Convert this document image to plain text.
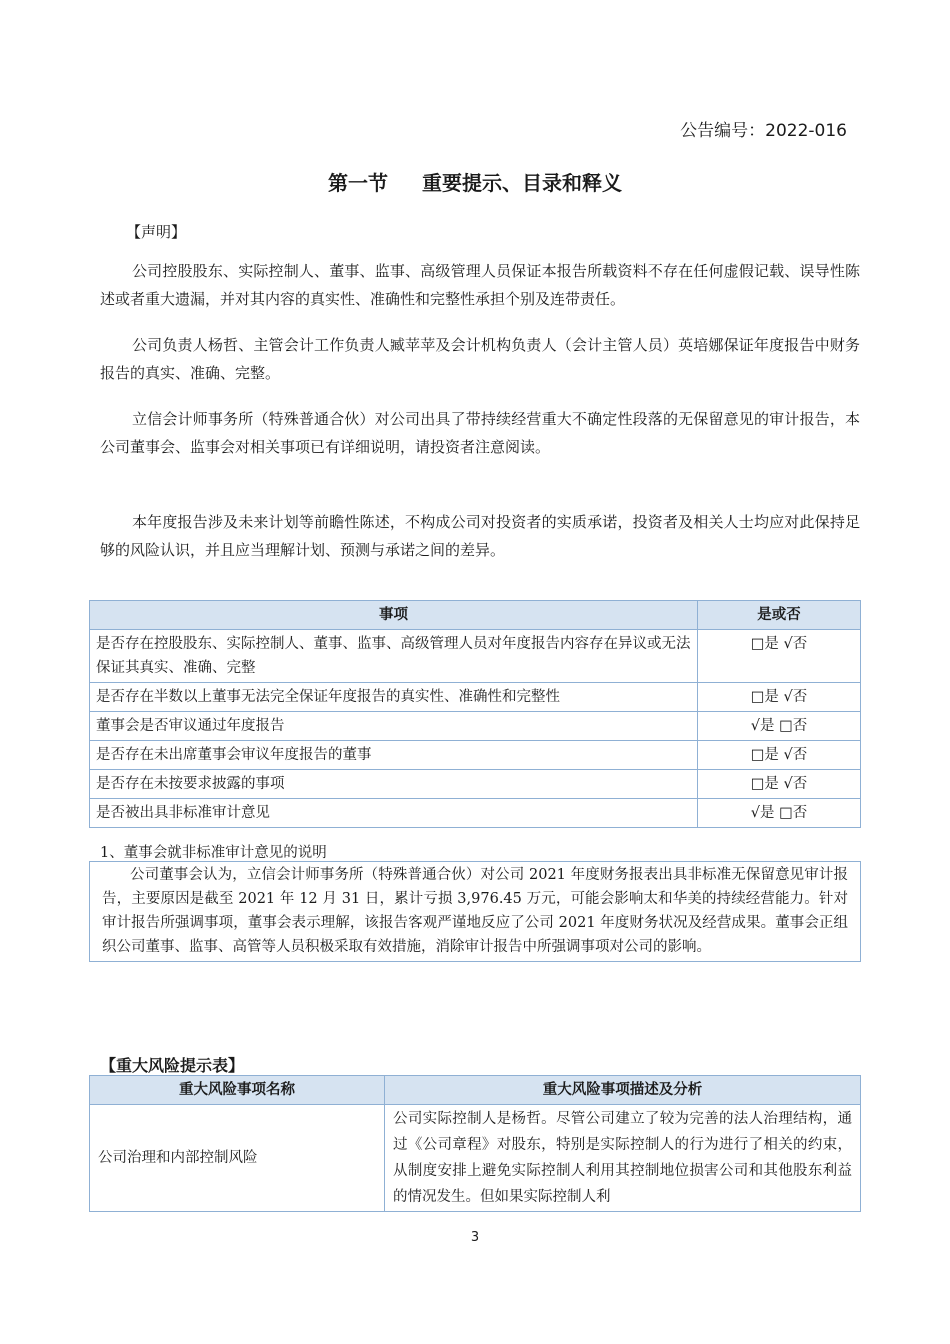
公告编号：2022-016
第一节 重要提示、目录和释义
【声明】
公司控股股东、实际控制人、董事、监事、高级管理人员保证本报告所载资料不存在任何虚假记载、误导性陈述或者重大遗漏，并对其内容的真实性、准确性和完整性承担个别及连带责任。
公司负责人杨哲、主管会计工作负责人臧苹苹及会计机构负责人（会计主管人员）英培娜保证年度报告中财务报告的真实、准确、完整。
立信会计师事务所（特殊普通合伙）对公司出具了带持续经营重大不确定性段落的无保留意见的审计报告，本公司董事会、监事会对相关事项已有详细说明，请投资者注意阅读。
本年度报告涉及未来计划等前瞻性陈述，不构成公司对投资者的实质承诺，投资者及相关人士均应对此保持足够的风险认识，并且应当理解计划、预测与承诺之间的差异。
事项	是或否
是否存在控股股东、实际控制人、董事、监事、高级管理人员对年度报告内容存在异议或无法保证其真实、准确、完整	□是 √否
是否存在半数以上董事无法完全保证年度报告的真实性、准确性和完整性	□是 √否
董事会是否审议通过年度报告	√是 □否
是否存在未出席董事会审议年度报告的董事	□是 √否
是否存在未按要求披露的事项	□是 √否
是否被出具非标准审计意见	√是 □否
1、董事会就非标准审计意见的说明
公司董事会认为，立信会计师事务所（特殊普通合伙）对公司 2021 年度财务报表出具非标准无保留意见审计报告，主要原因是截至 2021 年 12 月 31 日，累计亏损 3,976.45 万元，可能会影响太和华美的持续经营能力。针对审计报告所强调事项，董事会表示理解，该报告客观严谨地反应了公司 2021 年度财务状况及经营成果。董事会正组织公司董事、监事、高管等人员积极采取有效措施，消除审计报告中所强调事项对公司的影响。
【重大风险提示表】
重大风险事项名称	重大风险事项描述及分析
公司治理和内部控制风险	公司实际控制人是杨哲。尽管公司建立了较为完善的法人治理结构，通过《公司章程》对股东，特别是实际控制人的行为进行了相关的约束，从制度安排上避免实际控制人利用其控制地位损害公司和其他股东利益的情况发生。但如果实际控制人利
3
